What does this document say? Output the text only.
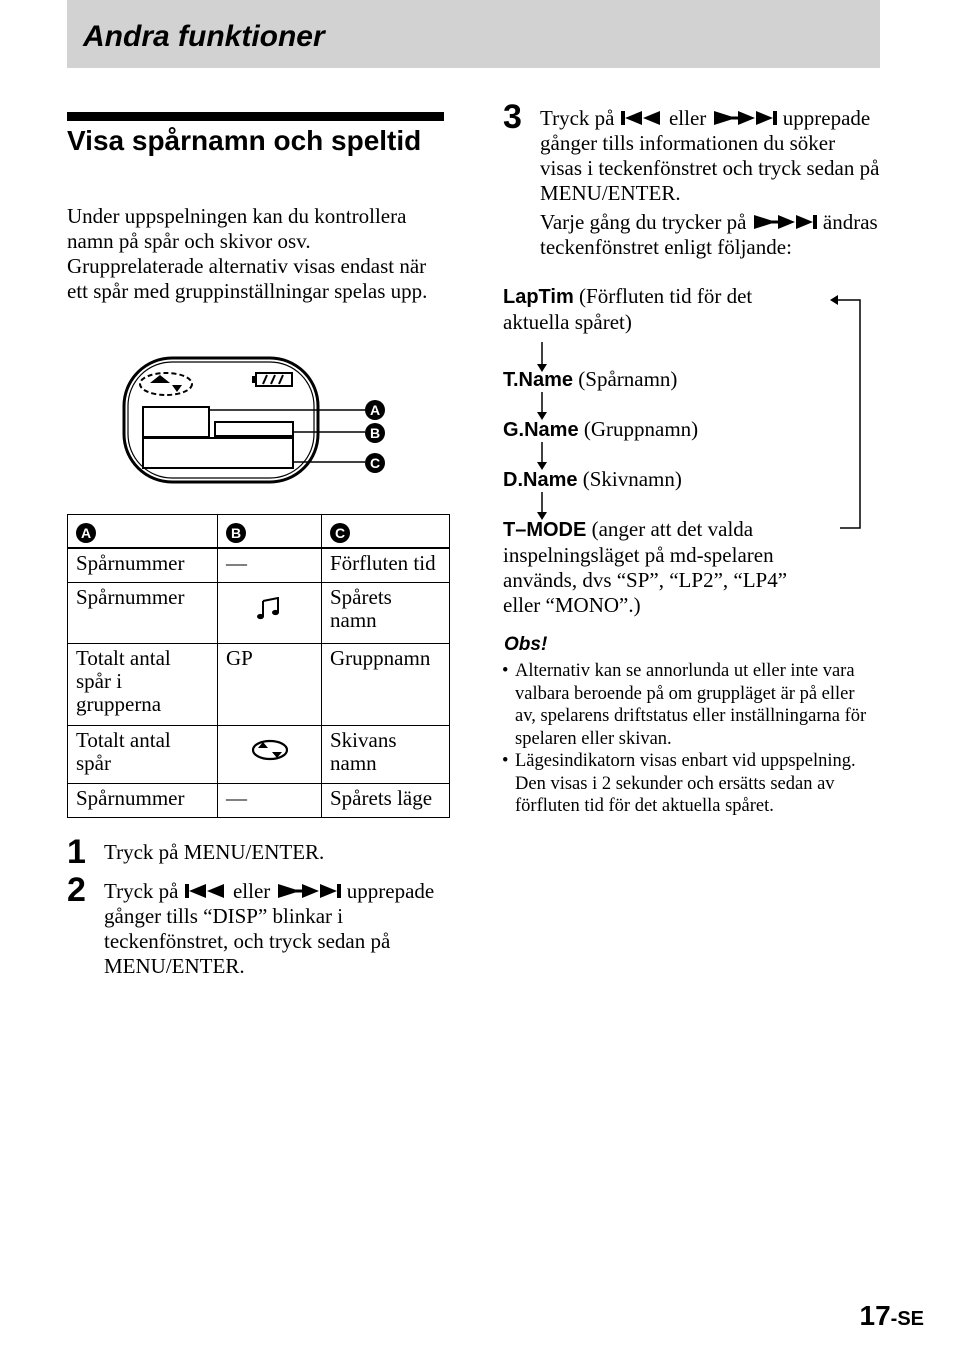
Andra funktioner
Visa spårnamn och speltid
Under uppspelningen kan du kontrollera namn på spår och skivor osv. Grupprelaterade alternativ visas endast när ett spår med gruppinställningar spelas upp.
A
B
C
A	B	C
Spårnummer	—	Förfluten tid
Spårnummer		Spårets namn
Totalt antal spår i grupperna	GP	Gruppnamn
Totalt antal spår		Skivans namn
Spårnummer	—	Spårets läge
1 Tryck på MENU/ENTER.
2 Tryck på	eller	upprepade gånger tills “DISP” blinkar i teckenfönstret, och tryck sedan på MENU/ENTER.
3 Tryck på	eller	upprepade gånger tills informationen du söker visas i teckenfönstret och tryck sedan på MENU/ENTER.
Varje gång du trycker på	ändras teckenfönstret enligt följande:
LapTim (Förfluten tid för det aktuella spåret)
T.Name (Spårnamn)
G.Name (Gruppnamn)
D.Name (Skivnamn)
T–MODE (anger att det valda inspelningsläget på md-spelaren används, dvs “SP”, “LP2”, “LP4” eller “MONO”.)
Obs!
• Alternativ kan se annorlunda ut eller inte vara valbara beroende på om gruppläget är på eller av, spelarens driftstatus eller inställningarna för spelaren eller skivan.
• Lägesindikatorn visas enbart vid uppspelning. Den visas i 2 sekunder och ersätts sedan av förfluten tid för det aktuella spåret.
17-SE
